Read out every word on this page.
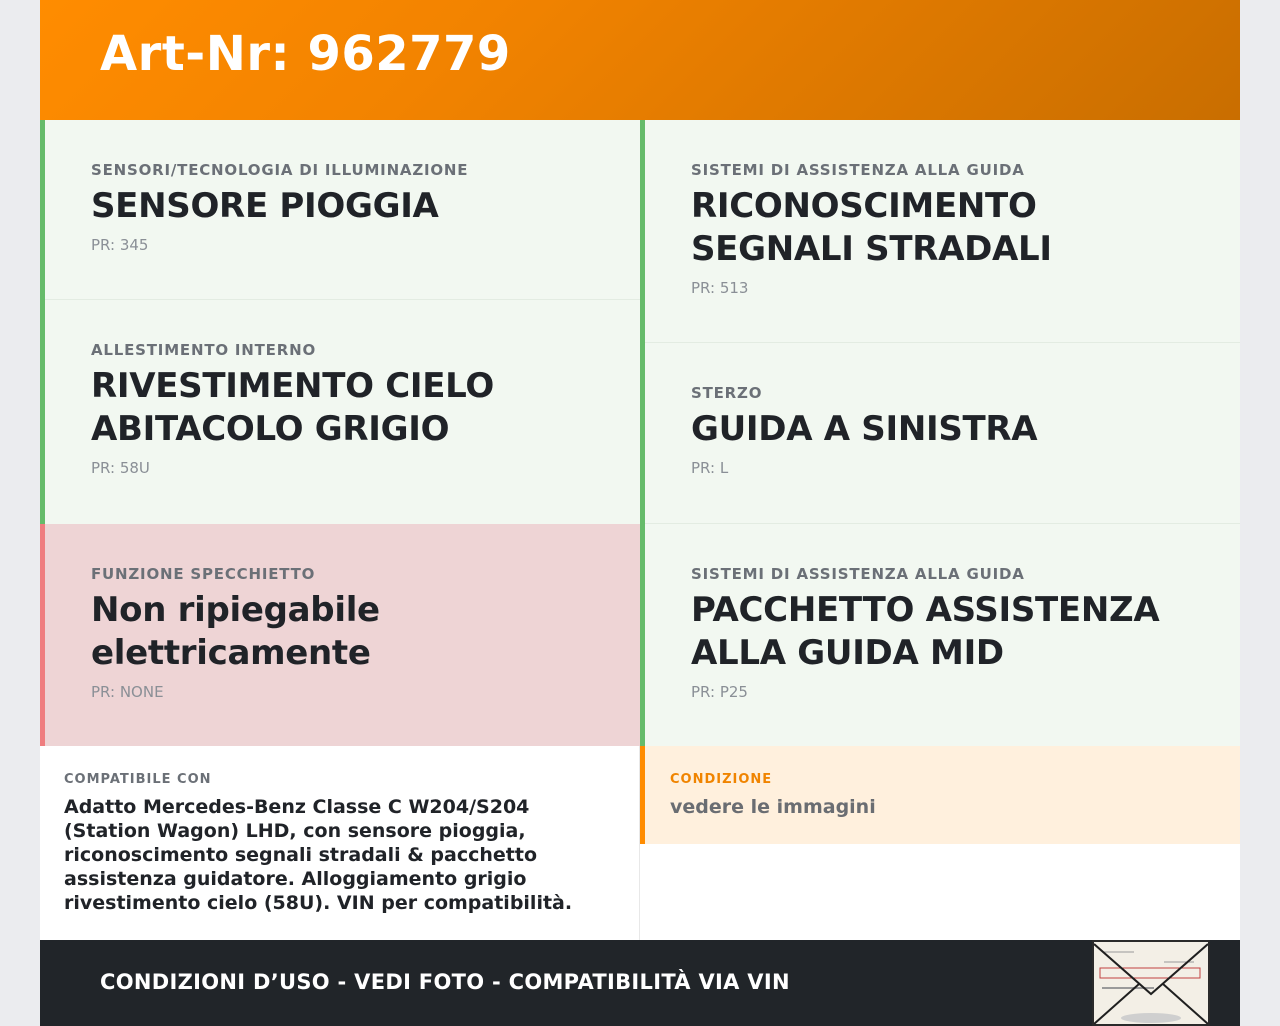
Art-Nr: 962779

SENSORI/TECNOLOGIA DI ILLUMINAZIONE

SENSORE PIOGGIA

PR: 345

ALLESTIMENTO INTERNO

RIVESTIMENTO CIELO ABITACOLO GRIGIO

PR: 58U

FUNZIONE SPECCHIETTO

Non ripiegabile elettricamente

PR: NONE

SISTEMI DI ASSISTENZA ALLA GUIDA

RICONOSCIMENTO SEGNALI STRADALI

PR: 513

STERZO

GUIDA A SINISTRA

PR: L

SISTEMI DI ASSISTENZA ALLA GUIDA

PACCHETTO ASSISTENZA ALLA GUIDA MID

PR: P25

COMPATIBILE CON

Adatto Mercedes-Benz Classe C W204/S204 (Station Wagon) LHD, con sensore pioggia, riconoscimento segnali stradali & pacchetto assistenza guidatore. Alloggiamento grigio rivestimento cielo (58U). VIN per compatibilità.

CONDIZIONE

vedere le immagini

CONDIZIONI D’USO - VEDI FOTO - COMPATIBILITÀ VIA VIN
